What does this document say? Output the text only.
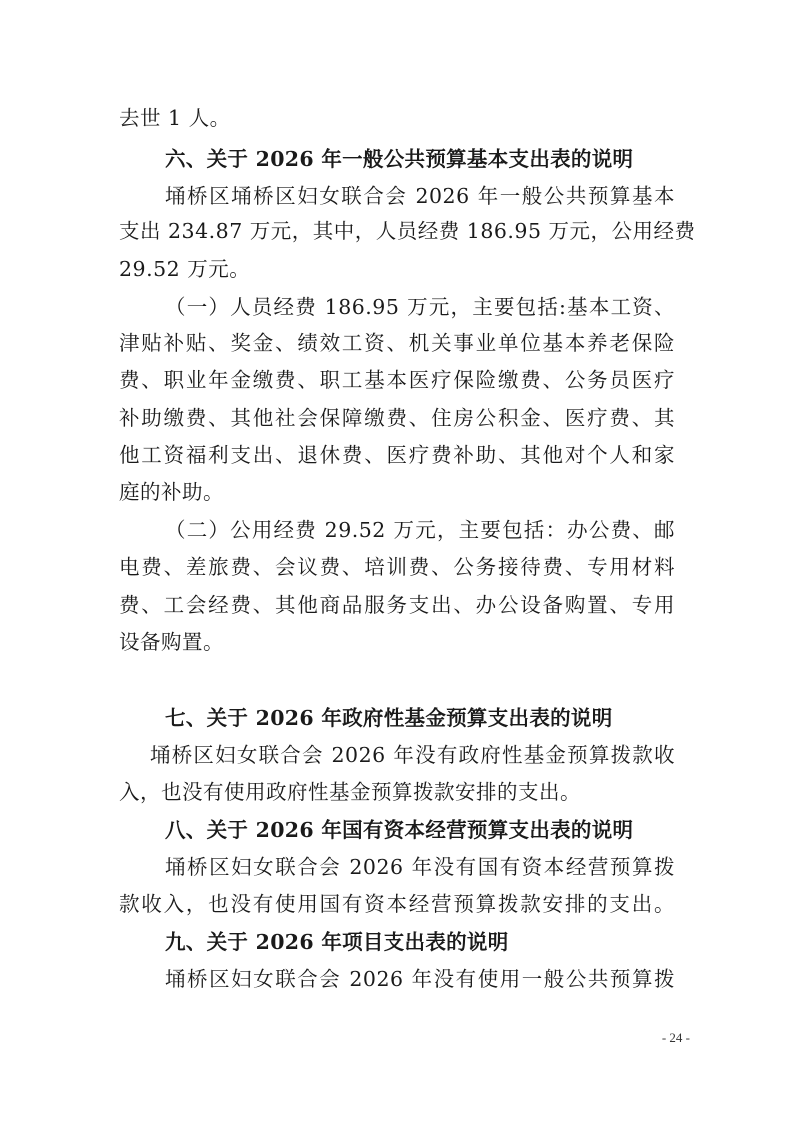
去世 1 人。
六、关于 2026 年一般公共预算基本支出表的说明
埇桥区埇桥区妇女联合会 2026 年一般公共预算基本
支出 234.87 万元，其中，人员经费 186.95 万元，公用经费
29.52 万元。
（一）人员经费 186.95 万元，主要包括:基本工资、
津贴补贴、奖金、绩效工资、机关事业单位基本养老保险
费、职业年金缴费、职工基本医疗保险缴费、公务员医疗
补助缴费、其他社会保障缴费、住房公积金、医疗费、其
他工资福利支出、退休费、医疗费补助、其他对个人和家
庭的补助。
（二）公用经费 29.52 万元，主要包括：办公费、邮
电费、差旅费、会议费、培训费、公务接待费、专用材料
费、工会经费、其他商品服务支出、办公设备购置、专用
设备购置。
七、关于 2026 年政府性基金预算支出表的说明
埇桥区妇女联合会 2026 年没有政府性基金预算拨款收
入，也没有使用政府性基金预算拨款安排的支出。
八、关于 2026 年国有资本经营预算支出表的说明
埇桥区妇女联合会 2026 年没有国有资本经营预算拨
款收入，也没有使用国有资本经营预算拨款安排的支出。
九、关于 2026 年项目支出表的说明
埇桥区妇女联合会 2026 年没有使用一般公共预算拨
- 24 -
